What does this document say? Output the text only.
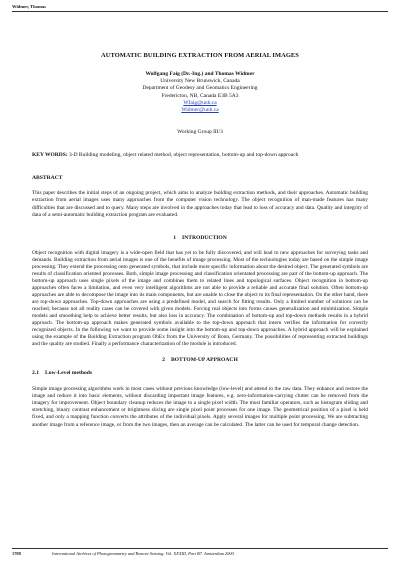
Widmer, Thomas
AUTOMATIC BUILDING EXTRACTION FROM AERIAL IMAGES
Wolfgang Faig (Dr.-Ing.) and Thomas Widmer
University New Brunswick, Canada
Department of Geodesy and Geomatics Engineering
Fredericton, NB, Canada E3B 5A3
Wfaig@unb.ca
Widmer@unb.ca
Working Group III/3

KEY WORDS: 3-D Building modeling, object related method, object representation, bottom-up and top-down approach

ABSTRACT

This paper describes the initial steps of an ongoing project, which aims to analyze building extraction methods, and their approaches. Automatic building extraction from aerial images uses many approaches from the computer vision technology. The object recognition of man-made features has many difficulties that are discussed and to query. Many steps are involved in the approaches today that lead to loss of accuracy and data. Quality and integrity of data of a semi-automatic building extraction program are evaluated.

1 INTRODUCTION

Object recognition with digital imagery is a wide-open field that has yet to be fully discovered, and will lead to new approaches for surveying tasks and demands. Building extraction from aerial images is one of the benefits of image processing. Most of the technologies today are based on the simple image processing. They extend the processing onto generated symbols, that include more specific information about the desired object. The generated symbols are results of classification oriented processes. Both, simple image processing and classification orientated processing are part of the bottom-up approach. The bottom-up approach uses single pixels of the image and combines them to related lines and topological surfaces. Object recognition in bottom-up approaches often faces a limitation, and even very intelligent algorithms are not able to provide a reliable and accurate final solution. Often bottom-up approaches are able to decompose the image into its main components, but are unable to close the object to its final representation. On the other hand, there are top-down approaches. Top-down approaches are using a predefined model, and search for fitting results. Only a limited number of solutions can be reached, because not all reality cases can be covered with given models. Forcing real objects into forms causes generalization and minimization. Simple models and smoothing help to achieve better results, but also loss in accuracy. The combination of bottom-up and top-down methods results in a hybrid approach. The bottom-up approach makes generated symbols available to the top-down approach that intern verifies the information for correctly recognized objects. In the following we want to provide some insight into the bottom-up and top-down approaches. A hybrid approach will be explained using the example of the Building Extraction program ObEx from the University of Bonn, Germany. The possibilities of representing extracted buildings and the quality are studied. Finally a performance characterization of the module is introduced.

2 BOTTOM-UP APPROACH
2.1 Low-Level methods

Simple image processing algorithms work in most cases without previous knowledge (low-level) and attend to the raw data. They enhance and restore the image and reduce it into basic elements, without discarding important image features, e.g. zero-information-carrying clutter can be removed from the imagery for improvement. Object boundary cleanup reduces the image to a single pixel width. The most familiar operators, such as histogram sliding and stretching, binary contrast enhancement or brightness slicing are single pixel point processes for one image. The geometrical position of a pixel is held fixed, and only a mapping function converts the attributes of the individual pixels. Apply several images for multiple point processing. We are subtracting another image from a reference image, or from the two images, then an average can be calculated. The latter can be used for temporal change detection.

1708	International Archives of Photogrammetry and Remote Sensing. Vol. XXXIII, Part B7. Amsterdam 2000.
